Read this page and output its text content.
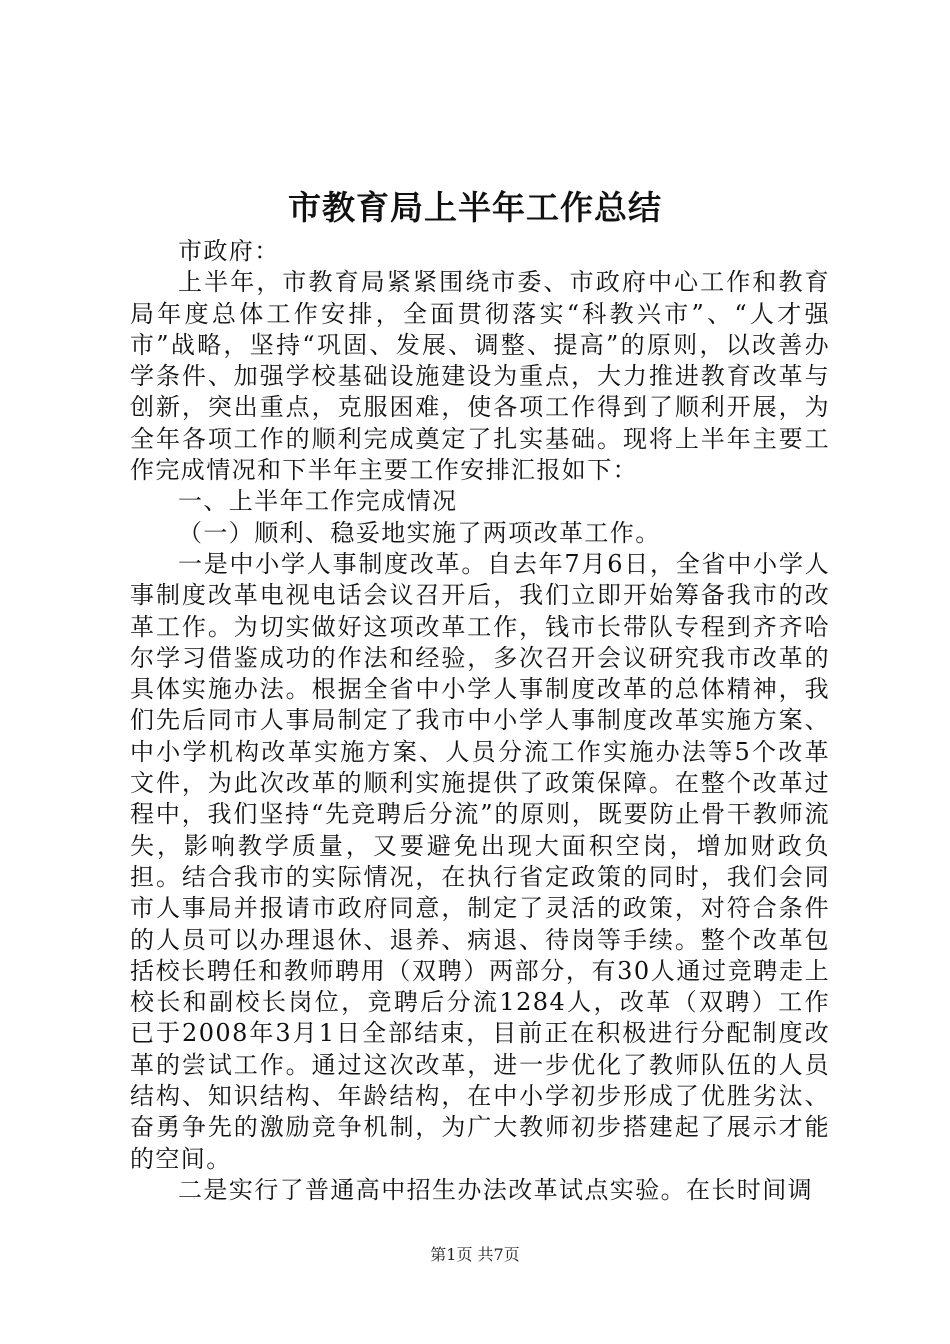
市教育局上半年工作总结

市政府：

上半年，市教育局紧紧围绕市委、市政府中心工作和教育局年度总体工作安排，全面贯彻落实“科教兴市”、“人才强市”战略，坚持“巩固、发展、调整、提高”的原则，以改善办学条件、加强学校基础设施建设为重点，大力推进教育改革与创新，突出重点，克服困难，使各项工作得到了顺利开展，为全年各项工作的顺利完成奠定了扎实基础。现将上半年主要工作完成情况和下半年主要工作安排汇报如下：

一、上半年工作完成情况

（一）顺利、稳妥地实施了两项改革工作。

一是中小学人事制度改革。自去年7月6日，全省中小学人事制度改革电视电话会议召开后，我们立即开始筹备我市的改革工作。为切实做好这项改革工作，钱市长带队专程到齐齐哈尔学习借鉴成功的作法和经验，多次召开会议研究我市改革的具体实施办法。根据全省中小学人事制度改革的总体精神，我们先后同市人事局制定了我市中小学人事制度改革实施方案、中小学机构改革实施方案、人员分流工作实施办法等5个改革文件，为此次改革的顺利实施提供了政策保障。在整个改革过程中，我们坚持“先竞聘后分流”的原则，既要防止骨干教师流失，影响教学质量，又要避免出现大面积空岗，增加财政负担。结合我市的实际情况，在执行省定政策的同时，我们会同市人事局并报请市政府同意，制定了灵活的政策，对符合条件的人员可以办理退休、退养、病退、待岗等手续。整个改革包括校长聘任和教师聘用（双聘）两部分，有30人通过竞聘走上校长和副校长岗位，竞聘后分流1284人，改革（双聘）工作已于2008年3月1日全部结束，目前正在积极进行分配制度改革的尝试工作。通过这次改革，进一步优化了教师队伍的人员结构、知识结构、年龄结构，在中小学初步形成了优胜劣汰、奋勇争先的激励竞争机制，为广大教师初步搭建起了展示才能的空间。

二是实行了普通高中招生办法改革试点实验。在长时间调

第1页 共7页
